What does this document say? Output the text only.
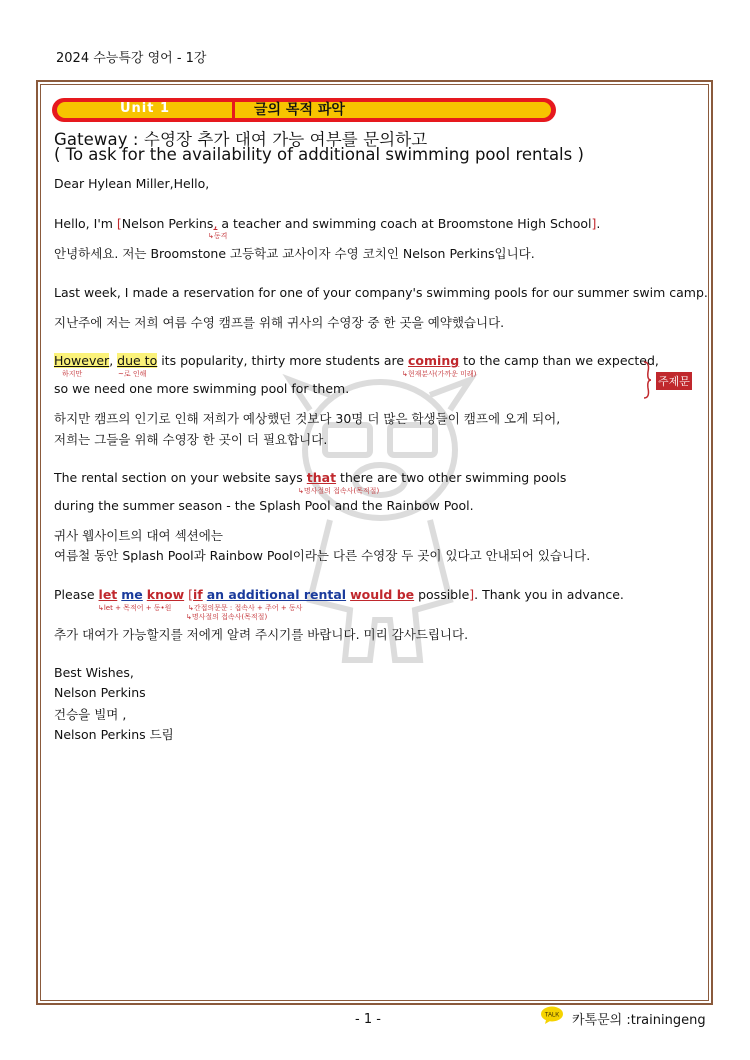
2024 수능특강 영어 - 1강
Unit 1	글의 목적 파악
Gateway : 수영장 추가 대여 가능 여부를 문의하고
( To ask for the availability of additional swimming pool rentals )
Dear Hylean Miller,Hello,
Hello, I'm [Nelson Perkins, a teacher and swimming coach at Broomstone High School].
↳동격
안녕하세요. 저는 Broomstone 고등학교 교사이자 수영 코치인 Nelson Perkins입니다.
Last week, I made a reservation for one of your company's swimming pools for our summer swim camp.
지난주에 저는 저희 여름 수영 캠프를 위해 귀사의 수영장 중 한 곳을 예약했습니다.
However, due to its popularity, thirty more students are coming to the camp than we expected,
하지만	~로 인해	↳현재분사(가까운 미래)
so we need one more swimming pool for them.	주제문
하지만 캠프의 인기로 인해 저희가 예상했던 것보다 30명 더 많은 학생들이 캠프에 오게 되어,
저희는 그들을 위해 수영장 한 곳이 더 필요합니다.
The rental section on your website says that there are two other swimming pools
↳명사절의 접속사(목적절)
during the summer season - the Splash Pool and the Rainbow Pool.
귀사 웹사이트의 대여 섹션에는
여름철 동안 Splash Pool과 Rainbow Pool이라는 다른 수영장 두 곳이 있다고 안내되어 있습니다.
Please let me know [if an additional rental would be possible]. Thank you in advance.
↳let + 목적어 + 동•원 ↳간접의문문 : 접속사 + 주어 + 동사
↳명사절의 접속사(목적절)
추가 대여가 가능할지를 저에게 알려 주시기를 바랍니다. 미리 감사드립니다.
Best Wishes,
Nelson Perkins
건승을 빌며 ,
Nelson Perkins 드림
- 1 -	TALK 카톡문의 :trainingeng
